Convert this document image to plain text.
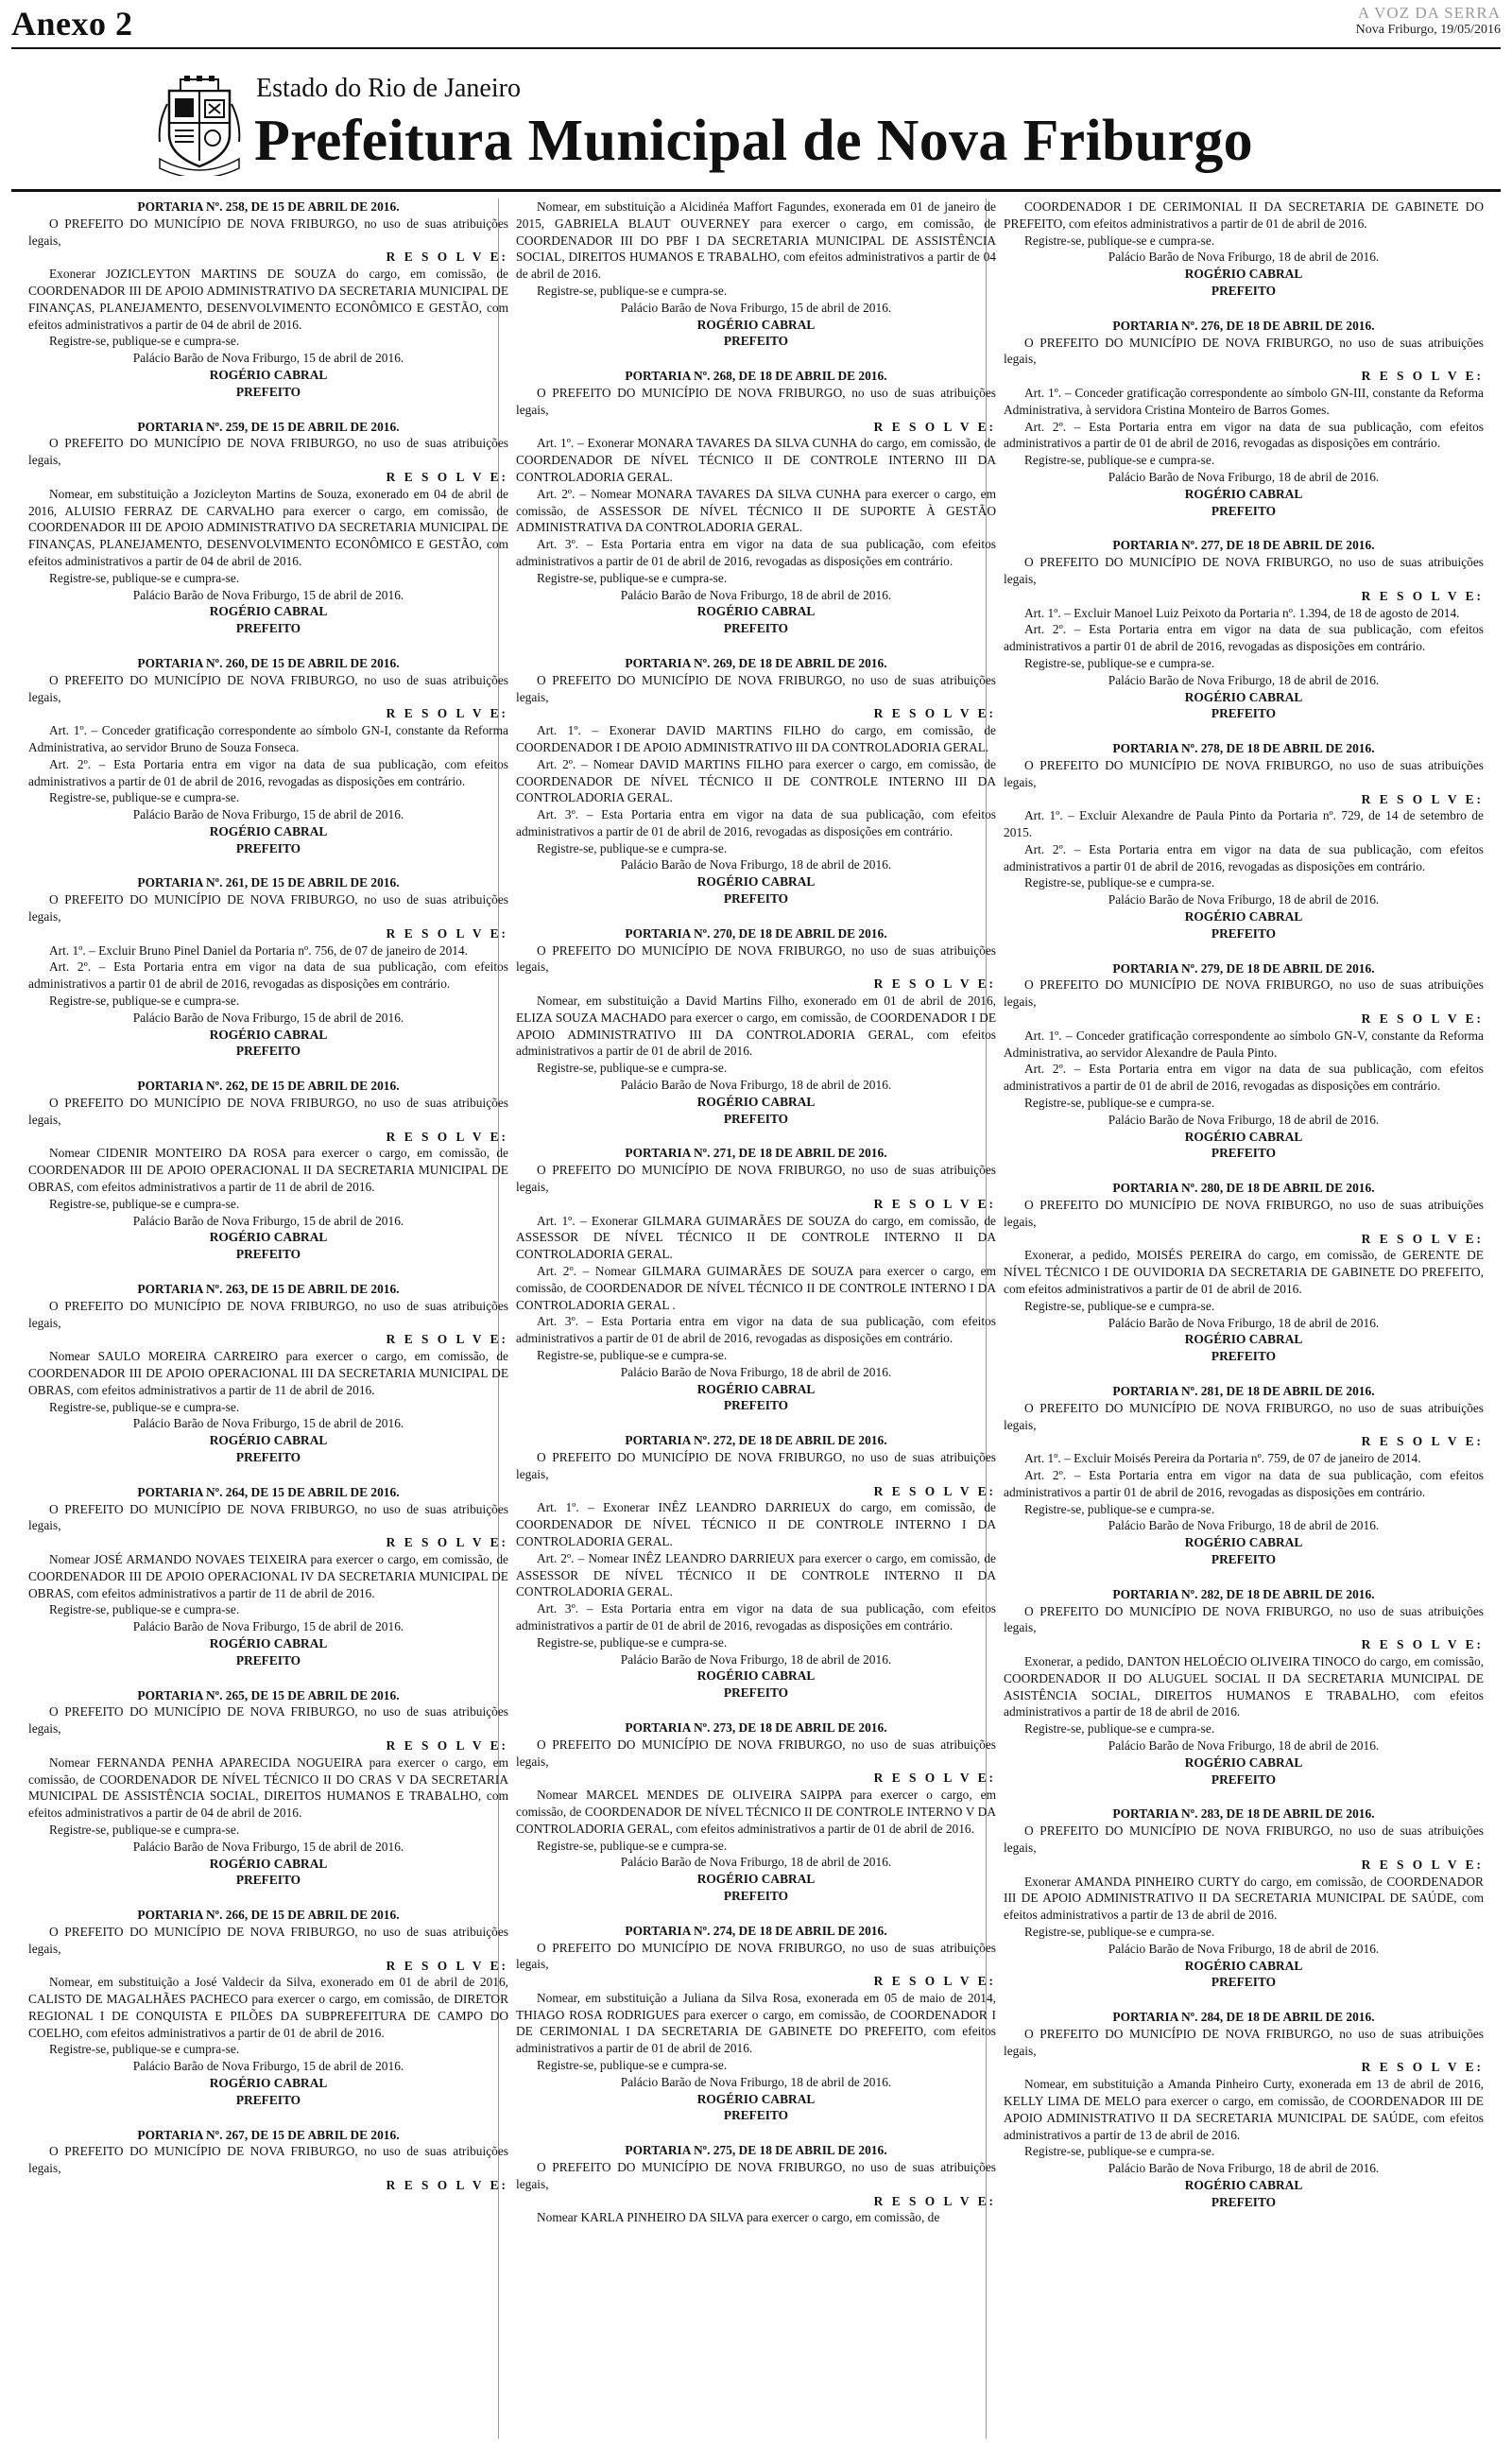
Anexo 2	A VOZ DA SERRA
Nova Friburgo, 19/05/2016
Estado do Rio de Janeiro
Prefeitura Municipal de Nova Friburgo

PORTARIA Nº. 258, DE 15 DE ABRIL DE 2016.

O PREFEITO DO MUNICÍPIO DE NOVA FRIBURGO, no uso de suas atribuições legais,

R E S O L V E:

Exonerar JOZICLEYTON MARTINS DE SOUZA do cargo, em comissão, de COORDENADOR III DE APOIO ADMINISTRATIVO DA SECRETARIA MUNICIPAL DE FINANÇAS, PLANEJAMENTO, DESENVOLVIMENTO ECONÔMICO E GESTÃO, com efeitos administrativos a partir de 04 de abril de 2016.

Registre-se, publique-se e cumpra-se.

Palácio Barão de Nova Friburgo, 15 de abril de 2016.

ROGÉRIO CABRAL

PREFEITO

PORTARIA Nº. 259, DE 15 DE ABRIL DE 2016.

O PREFEITO DO MUNICÍPIO DE NOVA FRIBURGO, no uso de suas atribuições legais,

R E S O L V E:

Nomear, em substituição a Jozicleyton Martins de Souza, exonerado em 04 de abril de 2016, ALUISIO FERRAZ DE CARVALHO para exercer o cargo, em comissão, de COORDENADOR III DE APOIO ADMINISTRATIVO DA SECRETARIA MUNICIPAL DE FINANÇAS, PLANEJAMENTO, DESENVOLVIMENTO ECONÔMICO E GESTÃO, com efeitos administrativos a partir de 04 de abril de 2016.

Registre-se, publique-se e cumpra-se.

Palácio Barão de Nova Friburgo, 15 de abril de 2016.

ROGÉRIO CABRAL

PREFEITO

PORTARIA Nº. 260, DE 15 DE ABRIL DE 2016.

O PREFEITO DO MUNICÍPIO DE NOVA FRIBURGO, no uso de suas atribuições legais,

R E S O L V E:

Art. 1º. – Conceder gratificação correspondente ao símbolo GN-I, constante da Reforma Administrativa, ao servidor Bruno de Souza Fonseca.

Art. 2º. – Esta Portaria entra em vigor na data de sua publicação, com efeitos administrativos a partir de 01 de abril de 2016, revogadas as disposições em contrário.

Registre-se, publique-se e cumpra-se.

Palácio Barão de Nova Friburgo, 15 de abril de 2016.

ROGÉRIO CABRAL

PREFEITO

PORTARIA Nº. 261, DE 15 DE ABRIL DE 2016.

O PREFEITO DO MUNICÍPIO DE NOVA FRIBURGO, no uso de suas atribuições legais,

R E S O L V E:

Art. 1º. – Excluir Bruno Pinel Daniel da Portaria nº. 756, de 07 de janeiro de 2014.

Art. 2º. – Esta Portaria entra em vigor na data de sua publicação, com efeitos administrativos a partir 01 de abril de 2016, revogadas as disposições em contrário.

Registre-se, publique-se e cumpra-se.

Palácio Barão de Nova Friburgo, 15 de abril de 2016.

ROGÉRIO CABRAL

PREFEITO

PORTARIA Nº. 262, DE 15 DE ABRIL DE 2016.

O PREFEITO DO MUNICÍPIO DE NOVA FRIBURGO, no uso de suas atribuições legais,

R E S O L V E:

Nomear CIDENIR MONTEIRO DA ROSA para exercer o cargo, em comissão, de COORDENADOR III DE APOIO OPERACIONAL II DA SECRETARIA MUNICIPAL DE OBRAS, com efeitos administrativos a partir de 11 de abril de 2016.

Registre-se, publique-se e cumpra-se.

Palácio Barão de Nova Friburgo, 15 de abril de 2016.

ROGÉRIO CABRAL

PREFEITO

PORTARIA Nº. 263, DE 15 DE ABRIL DE 2016.

O PREFEITO DO MUNICÍPIO DE NOVA FRIBURGO, no uso de suas atribuições legais,

R E S O L V E:

Nomear SAULO MOREIRA CARREIRO para exercer o cargo, em comissão, de COORDENADOR III DE APOIO OPERACIONAL III DA SECRETARIA MUNICIPAL DE OBRAS, com efeitos administrativos a partir de 11 de abril de 2016.

Registre-se, publique-se e cumpra-se.

Palácio Barão de Nova Friburgo, 15 de abril de 2016.

ROGÉRIO CABRAL

PREFEITO

PORTARIA Nº. 264, DE 15 DE ABRIL DE 2016.

O PREFEITO DO MUNICÍPIO DE NOVA FRIBURGO, no uso de suas atribuições legais,

R E S O L V E:

Nomear JOSÉ ARMANDO NOVAES TEIXEIRA para exercer o cargo, em comissão, de COORDENADOR III DE APOIO OPERACIONAL IV DA SECRETARIA MUNICIPAL DE OBRAS, com efeitos administrativos a partir de 11 de abril de 2016.

Registre-se, publique-se e cumpra-se.

Palácio Barão de Nova Friburgo, 15 de abril de 2016.

ROGÉRIO CABRAL

PREFEITO

PORTARIA Nº. 265, DE 15 DE ABRIL DE 2016.

O PREFEITO DO MUNICÍPIO DE NOVA FRIBURGO, no uso de suas atribuições legais,

R E S O L V E:

Nomear FERNANDA PENHA APARECIDA NOGUEIRA para exercer o cargo, em comissão, de COORDENADOR DE NÍVEL TÉCNICO II DO CRAS V DA SECRETARIA MUNICIPAL DE ASSISTÊNCIA SOCIAL, DIREITOS HUMANOS E TRABALHO, com efeitos administrativos a partir de 04 de abril de 2016.

Registre-se, publique-se e cumpra-se.

Palácio Barão de Nova Friburgo, 15 de abril de 2016.

ROGÉRIO CABRAL

PREFEITO

PORTARIA Nº. 266, DE 15 DE ABRIL DE 2016.

O PREFEITO DO MUNICÍPIO DE NOVA FRIBURGO, no uso de suas atribuições legais,

R E S O L V E:

Nomear, em substituição a José Valdecir da Silva, exonerado em 01 de abril de 2016, CALISTO DE MAGALHÃES PACHECO para exercer o cargo, em comissão, de DIRETOR REGIONAL I DE CONQUISTA E PILÕES DA SUBPREFEITURA DE CAMPO DO COELHO, com efeitos administrativos a partir de 01 de abril de 2016.

Registre-se, publique-se e cumpra-se.

Palácio Barão de Nova Friburgo, 15 de abril de 2016.

ROGÉRIO CABRAL

PREFEITO

PORTARIA Nº. 267, DE 15 DE ABRIL DE 2016.

O PREFEITO DO MUNICÍPIO DE NOVA FRIBURGO, no uso de suas atribuições legais,

R E S O L V E:

Nomear, em substituição a Alcidinéa Maffort Fagundes, exonerada em 01 de janeiro de 2015, GABRIELA BLAUT OUVERNEY para exercer o cargo, em comissão, de COORDENADOR III DO PBF I DA SECRETARIA MUNICIPAL DE ASSISTÊNCIA SOCIAL, DIREITOS HUMANOS E TRABALHO, com efeitos administrativos a partir de 04 de abril de 2016.

Registre-se, publique-se e cumpra-se.

Palácio Barão de Nova Friburgo, 15 de abril de 2016.

ROGÉRIO CABRAL

PREFEITO

PORTARIA Nº. 268, DE 18 DE ABRIL DE 2016.

O PREFEITO DO MUNICÍPIO DE NOVA FRIBURGO, no uso de suas atribuições legais,

R E S O L V E:

Art. 1º. – Exonerar MONARA TAVARES DA SILVA CUNHA do cargo, em comissão, de COORDENADOR DE NÍVEL TÉCNICO II DE CONTROLE INTERNO III DA CONTROLADORIA GERAL.

Art. 2º. – Nomear MONARA TAVARES DA SILVA CUNHA para exercer o cargo, em comissão, de ASSESSOR DE NÍVEL TÉCNICO II DE SUPORTE À GESTÃO ADMINISTRATIVA DA CONTROLADORIA GERAL.

Art. 3º. – Esta Portaria entra em vigor na data de sua publicação, com efeitos administrativos a partir de 01 de abril de 2016, revogadas as disposições em contrário.

Registre-se, publique-se e cumpra-se.

Palácio Barão de Nova Friburgo, 18 de abril de 2016.

ROGÉRIO CABRAL

PREFEITO

PORTARIA Nº. 269, DE 18 DE ABRIL DE 2016.

O PREFEITO DO MUNICÍPIO DE NOVA FRIBURGO, no uso de suas atribuições legais,

R E S O L V E:

Art. 1º. – Exonerar DAVID MARTINS FILHO do cargo, em comissão, de COORDENADOR I DE APOIO ADMINISTRATIVO III DA CONTROLADORIA GERAL.

Art. 2º. – Nomear DAVID MARTINS FILHO para exercer o cargo, em comissão, de COORDENADOR DE NÍVEL TÉCNICO II DE CONTROLE INTERNO III DA CONTROLADORIA GERAL.

Art. 3º. – Esta Portaria entra em vigor na data de sua publicação, com efeitos administrativos a partir de 01 de abril de 2016, revogadas as disposições em contrário.

Registre-se, publique-se e cumpra-se.

Palácio Barão de Nova Friburgo, 18 de abril de 2016.

ROGÉRIO CABRAL

PREFEITO

PORTARIA Nº. 270, DE 18 DE ABRIL DE 2016.

O PREFEITO DO MUNICÍPIO DE NOVA FRIBURGO, no uso de suas atribuições legais,

R E S O L V E:

Nomear, em substituição a David Martins Filho, exonerado em 01 de abril de 2016, ELIZA SOUZA MACHADO para exercer o cargo, em comissão, de COORDENADOR I DE APOIO ADMINISTRATIVO III DA CONTROLADORIA GERAL, com efeitos administrativos a partir de 01 de abril de 2016.

Registre-se, publique-se e cumpra-se.

Palácio Barão de Nova Friburgo, 18 de abril de 2016.

ROGÉRIO CABRAL

PREFEITO

PORTARIA Nº. 271, DE 18 DE ABRIL DE 2016.

O PREFEITO DO MUNICÍPIO DE NOVA FRIBURGO, no uso de suas atribuições legais,

R E S O L V E:

Art. 1º. – Exonerar GILMARA GUIMARÃES DE SOUZA do cargo, em comissão, de ASSESSOR DE NÍVEL TÉCNICO II DE CONTROLE INTERNO II DA CONTROLADORIA GERAL.

Art. 2º. – Nomear GILMARA GUIMARÃES DE SOUZA para exercer o cargo, em comissão, de COORDENADOR DE NÍVEL TÉCNICO II DE CONTROLE INTERNO I DA CONTROLADORIA GERAL .

Art. 3º. – Esta Portaria entra em vigor na data de sua publicação, com efeitos administrativos a partir de 01 de abril de 2016, revogadas as disposições em contrário.

Registre-se, publique-se e cumpra-se.

Palácio Barão de Nova Friburgo, 18 de abril de 2016.

ROGÉRIO CABRAL

PREFEITO

PORTARIA Nº. 272, DE 18 DE ABRIL DE 2016.

O PREFEITO DO MUNICÍPIO DE NOVA FRIBURGO, no uso de suas atribuições legais,

R E S O L V E:

Art. 1º. – Exonerar INÊZ LEANDRO DARRIEUX do cargo, em comissão, de COORDENADOR DE NÍVEL TÉCNICO II DE CONTROLE INTERNO I DA CONTROLADORIA GERAL.

Art. 2º. – Nomear INÊZ LEANDRO DARRIEUX para exercer o cargo, em comissão, de ASSESSOR DE NÍVEL TÉCNICO II DE CONTROLE INTERNO II DA CONTROLADORIA GERAL.

Art. 3º. – Esta Portaria entra em vigor na data de sua publicação, com efeitos administrativos a partir de 01 de abril de 2016, revogadas as disposições em contrário.

Registre-se, publique-se e cumpra-se.

Palácio Barão de Nova Friburgo, 18 de abril de 2016.

ROGÉRIO CABRAL

PREFEITO

PORTARIA Nº. 273, DE 18 DE ABRIL DE 2016.

O PREFEITO DO MUNICÍPIO DE NOVA FRIBURGO, no uso de suas atribuições legais,

R E S O L V E:

Nomear MARCEL MENDES DE OLIVEIRA SAIPPA para exercer o cargo, em comissão, de COORDENADOR DE NÍVEL TÉCNICO II DE CONTROLE INTERNO V DA CONTROLADORIA GERAL, com efeitos administrativos a partir de 01 de abril de 2016.

Registre-se, publique-se e cumpra-se.

Palácio Barão de Nova Friburgo, 18 de abril de 2016.

ROGÉRIO CABRAL

PREFEITO

PORTARIA Nº. 274, DE 18 DE ABRIL DE 2016.

O PREFEITO DO MUNICÍPIO DE NOVA FRIBURGO, no uso de suas atribuições legais,

R E S O L V E:

Nomear, em substituição a Juliana da Silva Rosa, exonerada em 05 de maio de 2014, THIAGO ROSA RODRIGUES para exercer o cargo, em comissão, de COORDENADOR I DE CERIMONIAL I DA SECRETARIA DE GABINETE DO PREFEITO, com efeitos administrativos a partir de 01 de abril de 2016.

Registre-se, publique-se e cumpra-se.

Palácio Barão de Nova Friburgo, 18 de abril de 2016.

ROGÉRIO CABRAL

PREFEITO

PORTARIA Nº. 275, DE 18 DE ABRIL DE 2016.

O PREFEITO DO MUNICÍPIO DE NOVA FRIBURGO, no uso de suas atribuições legais,

R E S O L V E:

Nomear KARLA PINHEIRO DA SILVA para exercer o cargo, em comissão, de

COORDENADOR I DE CERIMONIAL II DA SECRETARIA DE GABINETE DO PREFEITO, com efeitos administrativos a partir de 01 de abril de 2016.

Registre-se, publique-se e cumpra-se.

Palácio Barão de Nova Friburgo, 18 de abril de 2016.

ROGÉRIO CABRAL

PREFEITO

PORTARIA Nº. 276, DE 18 DE ABRIL DE 2016.

O PREFEITO DO MUNICÍPIO DE NOVA FRIBURGO, no uso de suas atribuições legais,

R E S O L V E:

Art. 1º. – Conceder gratificação correspondente ao símbolo GN-III, constante da Reforma Administrativa, à servidora Cristina Monteiro de Barros Gomes.

Art. 2º. – Esta Portaria entra em vigor na data de sua publicação, com efeitos administrativos a partir de 01 de abril de 2016, revogadas as disposições em contrário.

Registre-se, publique-se e cumpra-se.

Palácio Barão de Nova Friburgo, 18 de abril de 2016.

ROGÉRIO CABRAL

PREFEITO

PORTARIA Nº. 277, DE 18 DE ABRIL DE 2016.

O PREFEITO DO MUNICÍPIO DE NOVA FRIBURGO, no uso de suas atribuições legais,

R E S O L V E:

Art. 1º. – Excluir Manoel Luiz Peixoto da Portaria nº. 1.394, de 18 de agosto de 2014.

Art. 2º. – Esta Portaria entra em vigor na data de sua publicação, com efeitos administrativos a partir 01 de abril de 2016, revogadas as disposições em contrário.

Registre-se, publique-se e cumpra-se.

Palácio Barão de Nova Friburgo, 18 de abril de 2016.

ROGÉRIO CABRAL

PREFEITO

PORTARIA Nº. 278, DE 18 DE ABRIL DE 2016.

O PREFEITO DO MUNICÍPIO DE NOVA FRIBURGO, no uso de suas atribuições legais,

R E S O L V E:

Art. 1º. – Excluir Alexandre de Paula Pinto da Portaria nº. 729, de 14 de setembro de 2015.

Art. 2º. – Esta Portaria entra em vigor na data de sua publicação, com efeitos administrativos a partir 01 de abril de 2016, revogadas as disposições em contrário.

Registre-se, publique-se e cumpra-se.

Palácio Barão de Nova Friburgo, 18 de abril de 2016.

ROGÉRIO CABRAL

PREFEITO

PORTARIA Nº. 279, DE 18 DE ABRIL DE 2016.

O PREFEITO DO MUNICÍPIO DE NOVA FRIBURGO, no uso de suas atribuições legais,

R E S O L V E:

Art. 1º. – Conceder gratificação correspondente ao símbolo GN-V, constante da Reforma Administrativa, ao servidor Alexandre de Paula Pinto.

Art. 2º. – Esta Portaria entra em vigor na data de sua publicação, com efeitos administrativos a partir de 01 de abril de 2016, revogadas as disposições em contrário.

Registre-se, publique-se e cumpra-se.

Palácio Barão de Nova Friburgo, 18 de abril de 2016.

ROGÉRIO CABRAL

PREFEITO

PORTARIA Nº. 280, DE 18 DE ABRIL DE 2016.

O PREFEITO DO MUNICÍPIO DE NOVA FRIBURGO, no uso de suas atribuições legais,

R E S O L V E:

Exonerar, a pedido, MOISÉS PEREIRA do cargo, em comissão, de GERENTE DE NÍVEL TÉCNICO I DE OUVIDORIA DA SECRETARIA DE GABINETE DO PREFEITO, com efeitos administrativos a partir de 01 de abril de 2016.

Registre-se, publique-se e cumpra-se.

Palácio Barão de Nova Friburgo, 18 de abril de 2016.

ROGÉRIO CABRAL

PREFEITO

PORTARIA Nº. 281, DE 18 DE ABRIL DE 2016.

O PREFEITO DO MUNICÍPIO DE NOVA FRIBURGO, no uso de suas atribuições legais,

R E S O L V E:

Art. 1º. – Excluir Moisés Pereira da Portaria nº. 759, de 07 de janeiro de 2014.

Art. 2º. – Esta Portaria entra em vigor na data de sua publicação, com efeitos administrativos a partir 01 de abril de 2016, revogadas as disposições em contrário.

Registre-se, publique-se e cumpra-se.

Palácio Barão de Nova Friburgo, 18 de abril de 2016.

ROGÉRIO CABRAL

PREFEITO

PORTARIA Nº. 282, DE 18 DE ABRIL DE 2016.

O PREFEITO DO MUNICÍPIO DE NOVA FRIBURGO, no uso de suas atribuições legais,

R E S O L V E:

Exonerar, a pedido, DANTON HELOÉCIO OLIVEIRA TINOCO do cargo, em comissão, COORDENADOR II DO ALUGUEL SOCIAL II DA SECRETARIA MUNICIPAL DE ASISTÊNCIA SOCIAL, DIREITOS HUMANOS E TRABALHO, com efeitos administrativos a partir de 18 de abril de 2016.

Registre-se, publique-se e cumpra-se.

Palácio Barão de Nova Friburgo, 18 de abril de 2016.

ROGÉRIO CABRAL

PREFEITO

PORTARIA Nº. 283, DE 18 DE ABRIL DE 2016.

O PREFEITO DO MUNICÍPIO DE NOVA FRIBURGO, no uso de suas atribuições legais,

R E S O L V E:

Exonerar AMANDA PINHEIRO CURTY do cargo, em comissão, de COORDENADOR III DE APOIO ADMINISTRATIVO II DA SECRETARIA MUNICIPAL DE SAÚDE, com efeitos administrativos a partir de 13 de abril de 2016.

Registre-se, publique-se e cumpra-se.

Palácio Barão de Nova Friburgo, 18 de abril de 2016.

ROGÉRIO CABRAL

PREFEITO

PORTARIA Nº. 284, DE 18 DE ABRIL DE 2016.

O PREFEITO DO MUNICÍPIO DE NOVA FRIBURGO, no uso de suas atribuições legais,

R E S O L V E:

Nomear, em substituição a Amanda Pinheiro Curty, exonerada em 13 de abril de 2016, KELLY LIMA DE MELO para exercer o cargo, em comissão, de COORDENADOR III DE APOIO ADMINISTRATIVO II DA SECRETARIA MUNICIPAL DE SAÚDE, com efeitos administrativos a partir de 13 de abril de 2016.

Registre-se, publique-se e cumpra-se.

Palácio Barão de Nova Friburgo, 18 de abril de 2016.

ROGÉRIO CABRAL

PREFEITO
